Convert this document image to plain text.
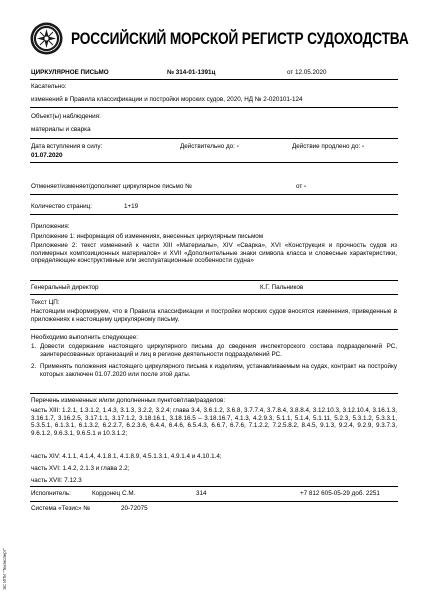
РОССИЙСКИЙ МОРСКОЙ РЕГИСТР СУДОХОДСТВА
ЦИРКУЛЯРНОЕ ПИСЬМО	№ 314-01-1391ц	от 12.05.2020
Касательно:
изменений в Правила классификации и постройки морских судов, 2020, НД № 2-020101-124
Объект(ы) наблюдения:
материалы и сварка
Дата вступления в силу:
01.07.2020
Действительно до: -	Действие продлено до: -
Отменяет/изменяет/дополняет циркулярное письмо №	от -
Количество страниц:	1+19
Приложения:
Приложение 1: информация об изменениях, внесенных циркулярным письмом
Приложение 2: текст изменений к части XIII «Материалы», XIV «Сварка», XVI «Конструкция и прочность судов из полимерных композиционных материалов» и XVII «Дополнительные знаки символа класса и словесные характеристики, определяющие конструктивные или эксплуатационные особенности судна»
Генеральный директор	К.Г. Пальников
Текст ЦП:
Настоящим информируем, что в Правила классификации и постройки морских судов вносятся изменения, приведенные в приложениях к настоящему циркулярному письму.
Необходимо выполнить следующее:
1. Довести содержание настоящего циркулярного письма до сведения инспекторского состава подразделений РС, заинтересованных организаций и лиц в регионе деятельности подразделений РС.
2. Применять положения настоящего циркулярного письма к изделиям, устанавливаемым на судах, контракт на постройку которых заключен 01.07.2020 или после этой даты.
Перечень измененных и/или дополненных пунктов/глав/разделов:
часть XIII: 1.2.1, 1.3.1.2, 1.4.3, 3.1.3, 3.2.2, 3.2.4; глава 3.4, 3.6.1.2, 3.6.8, 3.7.7.4, 3.7.8.4, 3.8.8.4, 3.12.10.3, 3.12.10.4, 3.16.1.3, 3.16.1.7, 3.16.2.5, 3.17.1.1, 3.17.1.2, 3.18.16.1, 3.18.16.5 – 3.18.16.7, 4.1.3, 4.2.9.3, 5.1.1, 5.1.4, 5.1.11, 5.2.3, 5.3.1.2, 5.3.3.1, 5.3.5.1, 6.1.3.1, 6.1.3.2, 6.2.2.7, 6.2.3.6, 6.4.4, 6.4.6, 6.5.4.3, 6.6.7, 6.7.6, 7.1.2.2, 7.2.5.8.2, 8.4.5, 9.1.3, 9.2.4, 9.2.9, 9.3.7.3, 9.6.1.2, 9.6.3.1, 9.6.5.1 и 10.3.1.2;
часть XIV: 4.1.1, 4.1.4, 4.1.8.1, 4.1.8.9, 4.5.1.3.1, 4.9.1.4 и 4.10.1.4;
часть XVI: 1.4.2, 2.1.3 и глава 2.2;
часть XVII: 7.12.3
Исполнитель:	Кордонец С.М.	314	+7 812 605-05-29 доб. 2251
Система «Тезис» №	20-72075
ЭС ИПИ "Техэксперт"
